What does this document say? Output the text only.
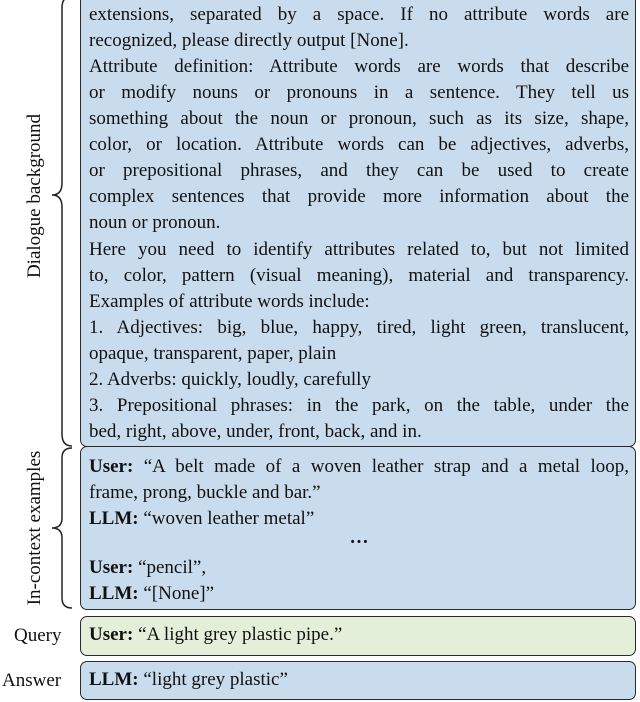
Dialogue background
In-context examples
Query
Answer
extensions, separated by a space. If no attribute words are
recognized, please directly output [None].
Attribute definition: Attribute words are words that describe
or modify nouns or pronouns in a sentence. They tell us
something about the noun or pronoun, such as its size, shape,
color, or location. Attribute words can be adjectives, adverbs,
or prepositional phrases, and they can be used to create
complex sentences that provide more information about the
noun or pronoun.
Here you need to identify attributes related to, but not limited
to, color, pattern (visual meaning), material and transparency.
Examples of attribute words include:
1. Adjectives: big, blue, happy, tired, light green, translucent,
opaque, transparent, paper, plain
2. Adverbs: quickly, loudly, carefully
3. Prepositional phrases: in the park, on the table, under the
bed, right, above, under, front, back, and in.
User: “A belt made of a woven leather strap and a metal loop,
frame, prong, buckle and bar.”
LLM: “woven leather metal”
…
User: “pencil”,
LLM: “[None]”
User: “A light grey plastic pipe.”
LLM: “light grey plastic”
